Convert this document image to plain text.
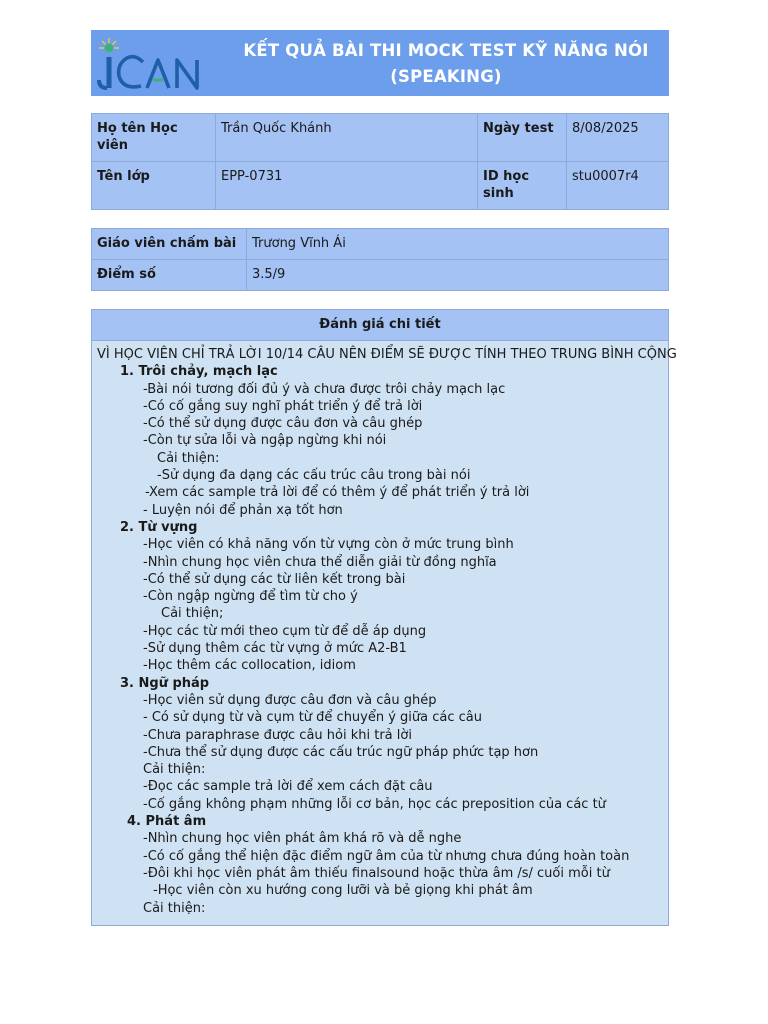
KẾT QUẢ BÀI THI MOCK TEST KỸ NĂNG NÓI (SPEAKING)
Họ tên Học viên	Trần Quốc Khánh	Ngày test	8/08/2025
Tên lớp	EPP-0731	ID học sinh	stu0007r4
Giáo viên chấm bài	Trương Vĩnh Ái
Điểm số	3.5/9
Đánh giá chi tiết
VÌ HỌC VIÊN CHỈ TRẢ LỜI 10/14 CÂU NÊN ĐIỂM SẼ ĐƯỢC TÍNH THEO TRUNG BÌNH CỘNG
1. Trôi chảy, mạch lạc
-Bài nói tương đối đủ ý và chưa được trôi chảy mạch lạc
-Có cố gắng suy nghĩ phát triển ý để trả lời
-Có thể sử dụng được câu đơn và câu ghép
-Còn tự sửa lỗi và ngập ngừng khi nói
Cải thiện:
-Sử dụng đa dạng các cấu trúc câu trong bài nói
-Xem các sample trả lời để có thêm ý để phát triển ý trả lời
- Luyện nói để phản xạ tốt hơn
2. Từ vựng
-Học viên có khả năng vốn từ vựng còn ở mức trung bình
-Nhìn chung học viên chưa thể diễn giải từ đồng nghĩa
-Có thể sử dụng các từ liên kết trong bài
-Còn ngập ngừng để tìm từ cho ý
Cải thiện;
-Học các từ mới theo cụm từ để dễ áp dụng
-Sử dụng thêm các từ vựng ở mức A2-B1
-Học thêm các collocation, idiom
3. Ngữ pháp
-Học viên sử dụng được câu đơn và câu ghép
- Có sử dụng từ và cụm từ để chuyển ý giữa các câu
-Chưa paraphrase được câu hỏi khi trả lời
-Chưa thể sử dụng được các cấu trúc ngữ pháp phức tạp hơn
Cải thiện:
-Đọc các sample trả lời để xem cách đặt câu
-Cố gắng không phạm những lỗi cơ bản, học các preposition của các từ
4. Phát âm
-Nhìn chung học viên phát âm khá rõ và dễ nghe
-Có cố gắng thể hiện đặc điểm ngữ âm của từ nhưng chưa đúng hoàn toàn
-Đôi khi học viên phát âm thiếu finalsound hoặc thừa âm /s/ cuối mỗi từ
-Học viên còn xu hướng cong lưỡi và bẻ giọng khi phát âm
Cải thiện:
